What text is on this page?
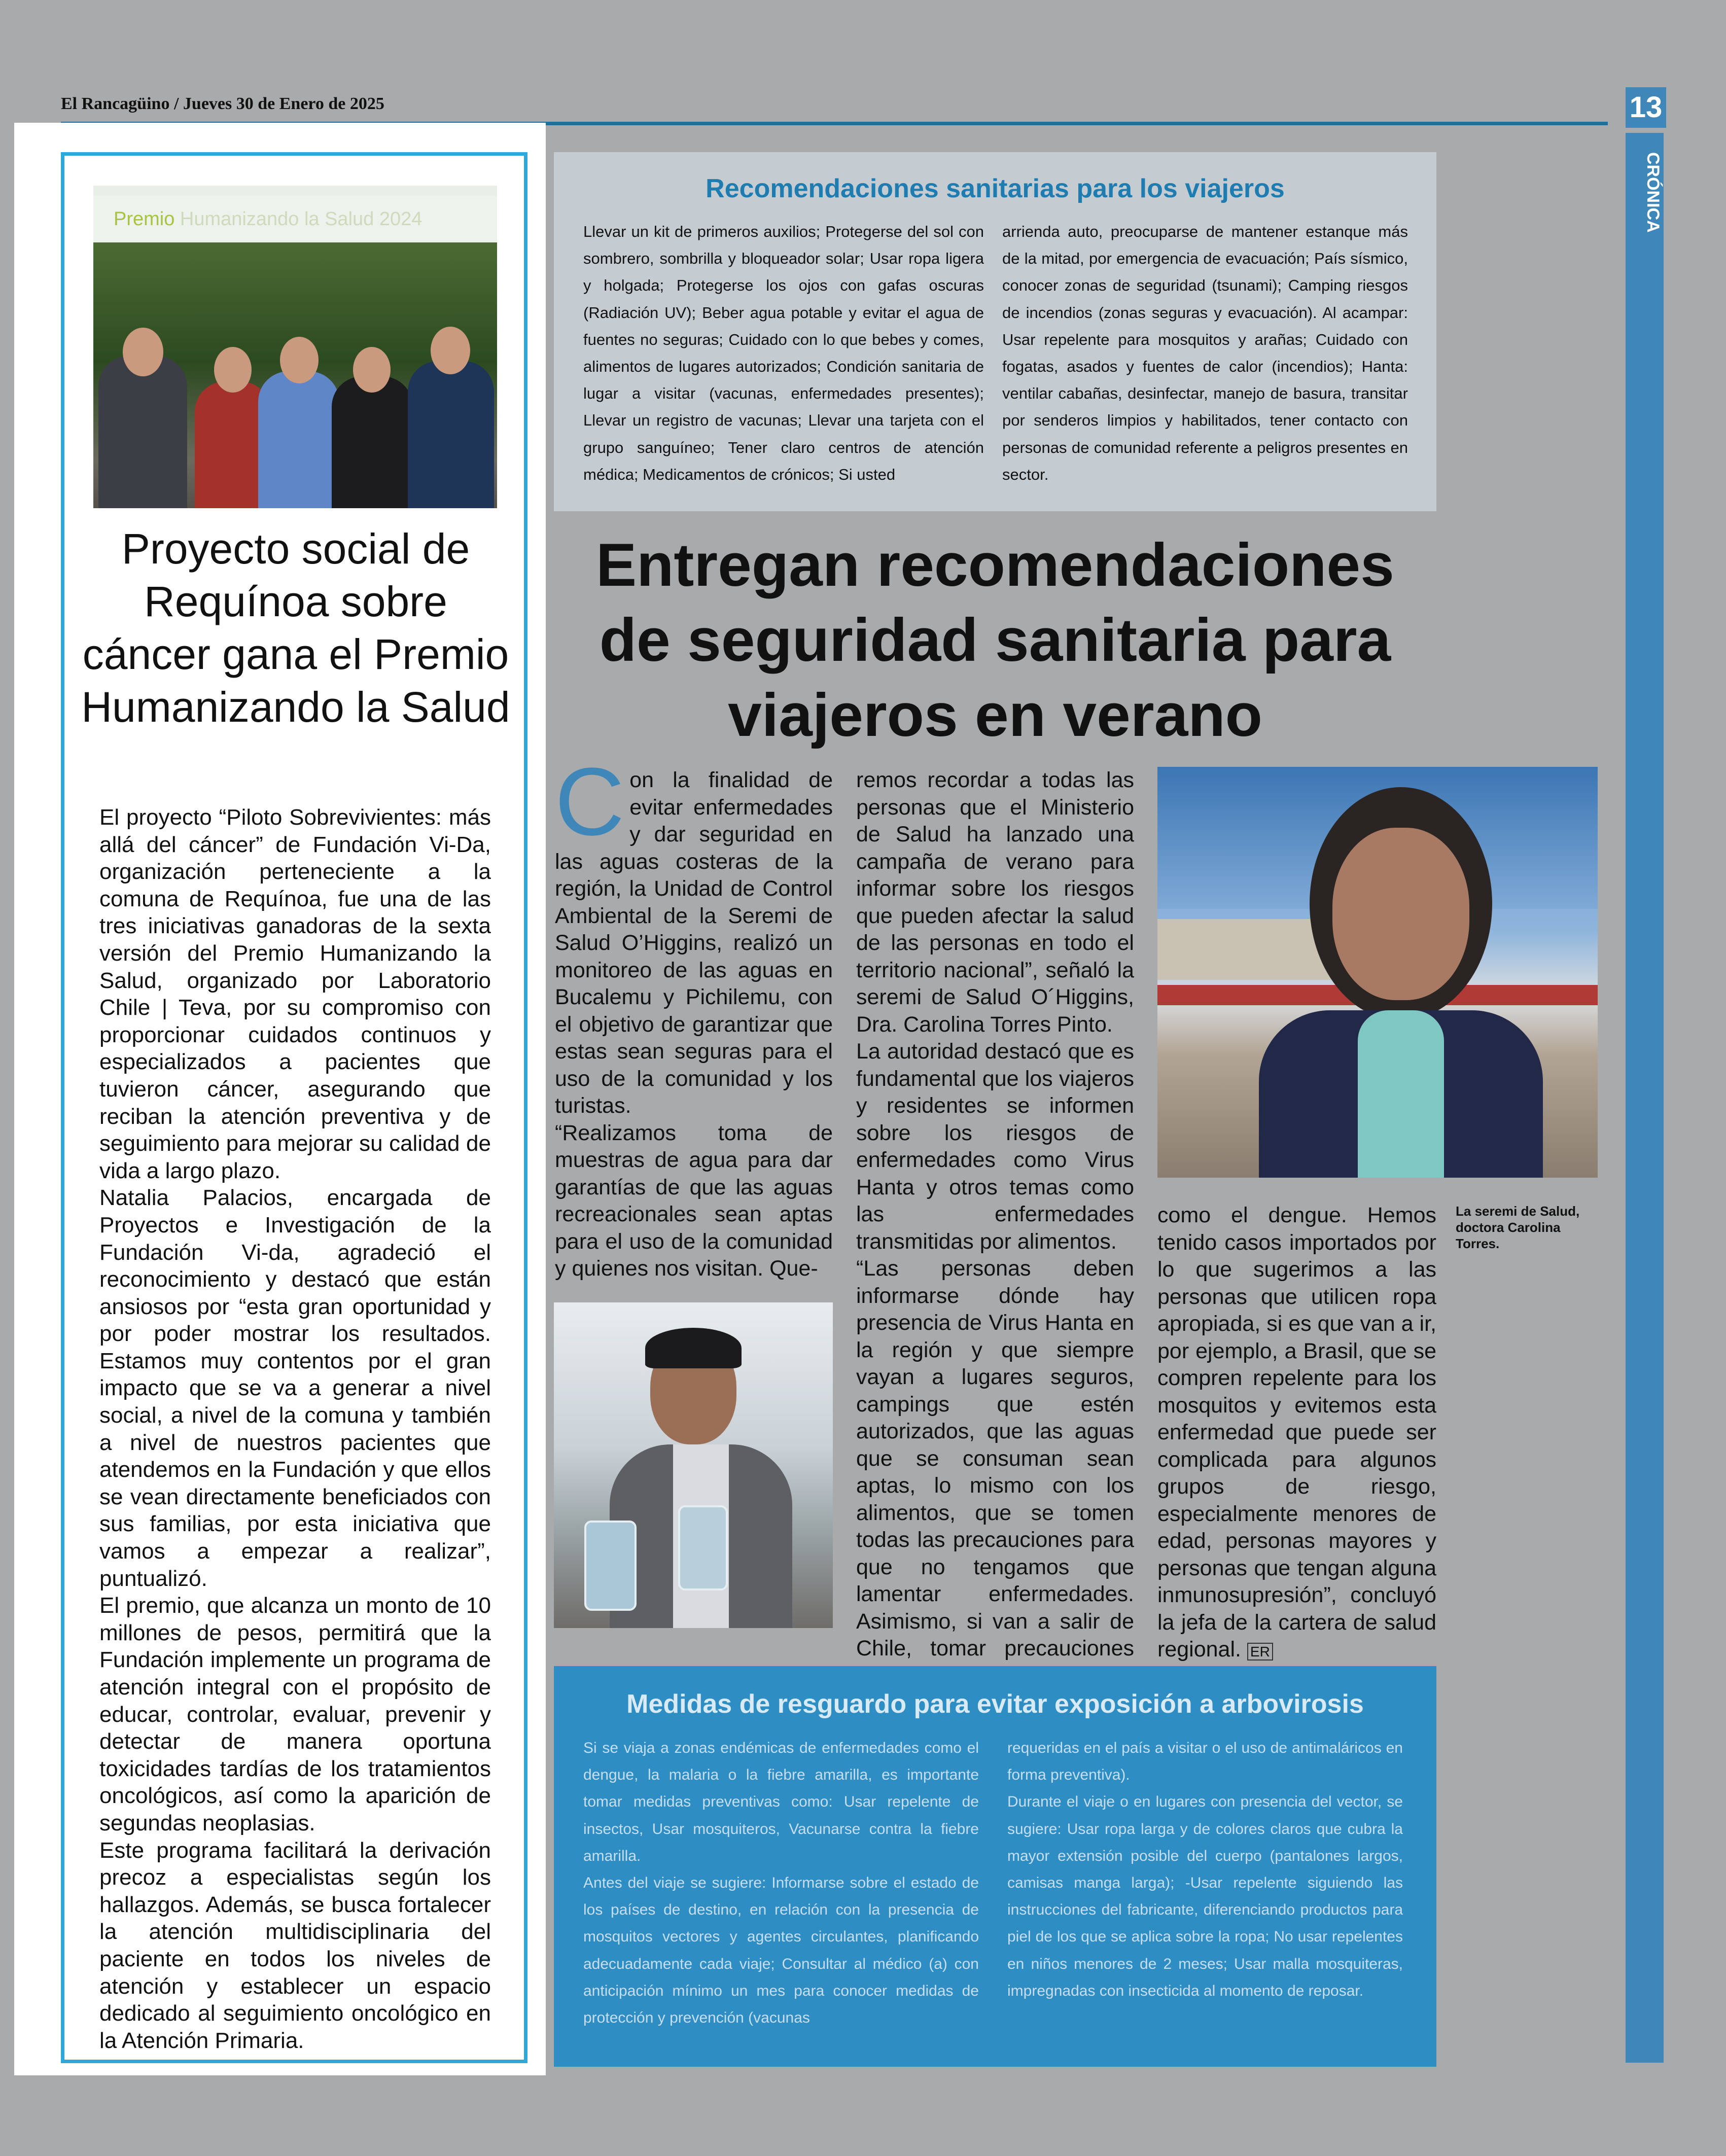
El Rancagüino / Jueves 30 de Enero de 2025	13
CRÓNICA
Premio Humanizando la Salud 2024
Proyecto social de Requínoa sobre cáncer gana el Premio Humanizando la Salud

El proyecto “Piloto Sobrevivientes: más allá del cáncer” de Fundación Vi-Da, organización perteneciente a la comuna de Requínoa, fue una de las tres iniciativas ganadoras de la sexta versión del Premio Humanizando la Salud, organizado por Laboratorio Chile | Teva, por su compromiso con proporcionar cuidados continuos y especializados a pacientes que tuvieron cáncer, asegurando que reciban la atención preventiva y de seguimiento para mejorar su calidad de vida a largo plazo.

Natalia Palacios, encargada de Proyectos e Investigación de la Fundación Vi-da, agradeció el reconocimiento y destacó que están ansiosos por “esta gran oportunidad y por poder mostrar los resultados. Estamos muy contentos por el gran impacto que se va a generar a nivel social, a nivel de la comuna y también a nivel de nuestros pacientes que atendemos en la Fundación y que ellos se vean directamente beneficiados con sus familias, por esta iniciativa que vamos a empezar a realizar”, puntualizó.

El premio, que alcanza un monto de 10 millones de pesos, permitirá que la Fundación implemente un programa de atención integral con el propósito de educar, controlar, evaluar, prevenir y detectar de manera oportuna toxicidades tardías de los tratamientos oncológicos, así como la aparición de segundas neoplasias.

Este programa facilitará la derivación precoz a especialistas según los hallazgos. Además, se busca fortalecer la atención multidisciplinaria del paciente en todos los niveles de atención y establecer un espacio dedicado al seguimiento oncológico en la Atención Primaria.

Recomendaciones sanitarias para los viajeros

Llevar un kit de primeros auxilios; Protegerse del sol con sombrero, sombrilla y bloqueador solar; Usar ropa ligera y holgada; Protegerse los ojos con gafas oscuras (Radiación UV); Beber agua potable y evitar el agua de fuentes no seguras; Cuidado con lo que bebes y comes, alimentos de lugares autorizados; Condición sanitaria de lugar a visitar (vacunas, enfermedades presentes); Llevar un registro de vacunas; Llevar una tarjeta con el grupo sanguíneo; Tener claro centros de atención médica; Medicamentos de crónicos; Si usted

arrienda auto, preocuparse de mantener estanque más de la mitad, por emergencia de evacuación; País sísmico, conocer zonas de seguridad (tsunami); Camping riesgos de incendios (zonas seguras y evacuación). Al acampar: Usar repelente para mosquitos y arañas; Cuidado con fogatas, asados y fuentes de calor (incendios); Hanta: ventilar cabañas, desinfectar, manejo de basura, transitar por senderos limpios y habilitados, tener contacto con personas de comunidad referente a peligros presentes en sector.

Entregan recomendaciones de seguridad sanitaria para viajeros en verano
C on la finalidad de evitar enfermedades y dar seguridad en las aguas costeras de la región, la Unidad de Control Ambiental de la Seremi de Salud O’Higgins, realizó un monitoreo de las aguas en Bucalemu y Pichilemu, con el objetivo de garantizar que estas sean seguras para el uso de la comunidad y los turistas.

“Realizamos toma de muestras de agua para dar garantías de que las aguas recreacionales sean aptas para el uso de la comunidad y quienes nos visitan. Que-

remos recordar a todas las personas que el Ministerio de Salud ha lanzado una campaña de verano para informar sobre los riesgos que pueden afectar la salud de las personas en todo el territorio nacional”, señaló la seremi de Salud O´Higgins, Dra. Carolina Torres Pinto.

La autoridad destacó que es fundamental que los viajeros y residentes se informen sobre los riesgos de enfermedades como Virus Hanta y otros temas como las enfermedades transmitidas por alimentos.

“Las personas deben informarse dónde hay presencia de Virus Hanta en la región y que siempre vayan a lugares seguros, campings que estén autorizados, que las aguas que se consuman sean aptas, lo mismo con los alimentos, que se tomen todas las precauciones para que no tengamos que lamentar enfermedades. Asimismo, si van a salir de Chile, tomar precauciones

como el dengue. Hemos tenido casos importados por lo que sugerimos a las personas que utilicen ropa apropiada, si es que van a ir, por ejemplo, a Brasil, que se compren repelente para los mosquitos y evitemos esta enfermedad que puede ser complicada para algunos grupos de riesgo, especialmente menores de edad, personas mayores y personas que tengan alguna inmunosupresión”, concluyó la jefa de la cartera de salud regional. ER

La seremi de Salud, doctora Carolina Torres.
Medidas de resguardo para evitar exposición a arbovirosis

Si se viaja a zonas endémicas de enfermedades como el dengue, la malaria o la fiebre amarilla, es importante tomar medidas preventivas como: Usar repelente de insectos, Usar mosquiteros, Vacunarse contra la fiebre amarilla.

Antes del viaje se sugiere: Informarse sobre el estado de los países de destino, en relación con la presencia de mosquitos vectores y agentes circulantes, planificando adecuadamente cada viaje; Consultar al médico (a) con anticipación mínimo un mes para conocer medidas de protección y prevención (vacunas

requeridas en el país a visitar o el uso de antimaláricos en forma preventiva).

Durante el viaje o en lugares con presencia del vector, se sugiere: Usar ropa larga y de colores claros que cubra la mayor extensión posible del cuerpo (pantalones largos, camisas manga larga); -Usar repelente siguiendo las instrucciones del fabricante, diferenciando productos para piel de los que se aplica sobre la ropa; No usar repelentes en niños menores de 2 meses; Usar malla mosquiteras, impregnadas con insecticida al momento de reposar.
